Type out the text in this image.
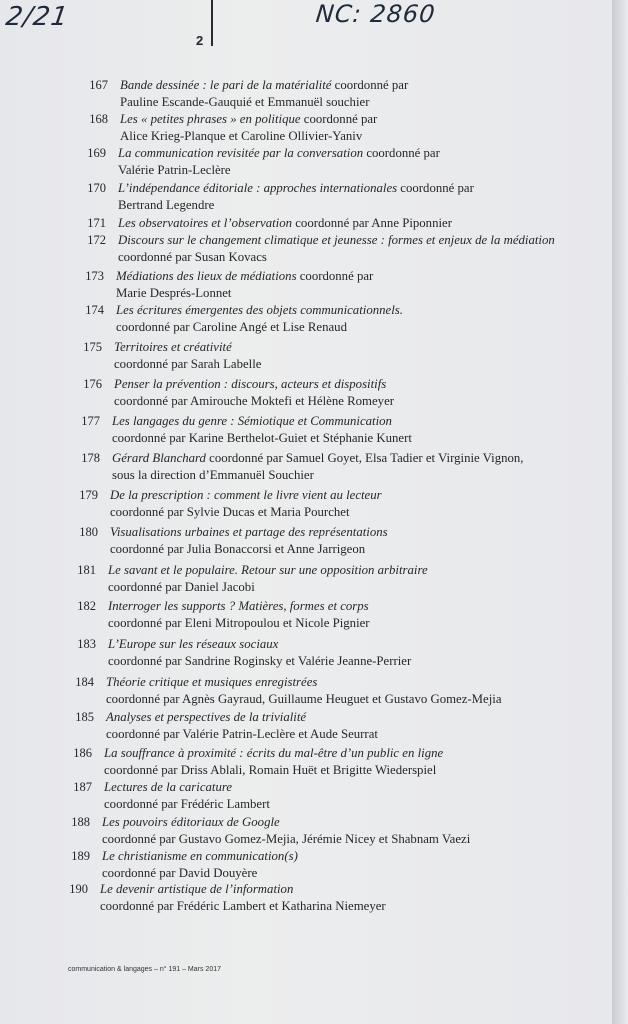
2/21	NC: 2860
2
167 Bande dessinée : le pari de la matérialité coordonné par
Pauline Escande-Gauquié et Emmanuël souchier
168 Les « petites phrases » en politique coordonné par
Alice Krieg-Planque et Caroline Ollivier-Yaniv
169 La communication revisitée par la conversation coordonné par
Valérie Patrin-Leclère
170 L’indépendance éditoriale : approches internationales coordonné par
Bertrand Legendre
171 Les observatoires et l’observation coordonné par Anne Piponnier
172 Discours sur le changement climatique et jeunesse : formes et enjeux de la médiation
coordonné par Susan Kovacs
173 Médiations des lieux de médiations coordonné par
Marie Després-Lonnet
174 Les écritures émergentes des objets communicationnels.
coordonné par Caroline Angé et Lise Renaud
175 Territoires et créativité
coordonné par Sarah Labelle
176 Penser la prévention : discours, acteurs et dispositifs
coordonné par Amirouche Moktefi et Hélène Romeyer
177 Les langages du genre : Sémiotique et Communication
coordonné par Karine Berthelot-Guiet et Stéphanie Kunert
178 Gérard Blanchard coordonné par Samuel Goyet, Elsa Tadier et Virginie Vignon,
sous la direction d’Emmanuël Souchier
179 De la prescription : comment le livre vient au lecteur
coordonné par Sylvie Ducas et Maria Pourchet
180 Visualisations urbaines et partage des représentations
coordonné par Julia Bonaccorsi et Anne Jarrigeon
181 Le savant et le populaire. Retour sur une opposition arbitraire
coordonné par Daniel Jacobi
182 Interroger les supports ? Matières, formes et corps
coordonné par Eleni Mitropoulou et Nicole Pignier
183 L’Europe sur les réseaux sociaux
coordonné par Sandrine Roginsky et Valérie Jeanne-Perrier
184 Théorie critique et musiques enregistrées
coordonné par Agnès Gayraud, Guillaume Heuguet et Gustavo Gomez-Mejia
185 Analyses et perspectives de la trivialité
coordonné par Valérie Patrin-Leclère et Aude Seurrat
186 La souffrance à proximité : écrits du mal-être d’un public en ligne
coordonné par Driss Ablali, Romain Huët et Brigitte Wiederspiel
187 Lectures de la caricature
coordonné par Frédéric Lambert
188 Les pouvoirs éditoriaux de Google
coordonné par Gustavo Gomez-Mejia, Jérémie Nicey et Shabnam Vaezi
189 Le christianisme en communication(s)
coordonné par David Douyère
190 Le devenir artistique de l’information
coordonné par Frédéric Lambert et Katharina Niemeyer
communication & langages – n° 191 – Mars 2017
